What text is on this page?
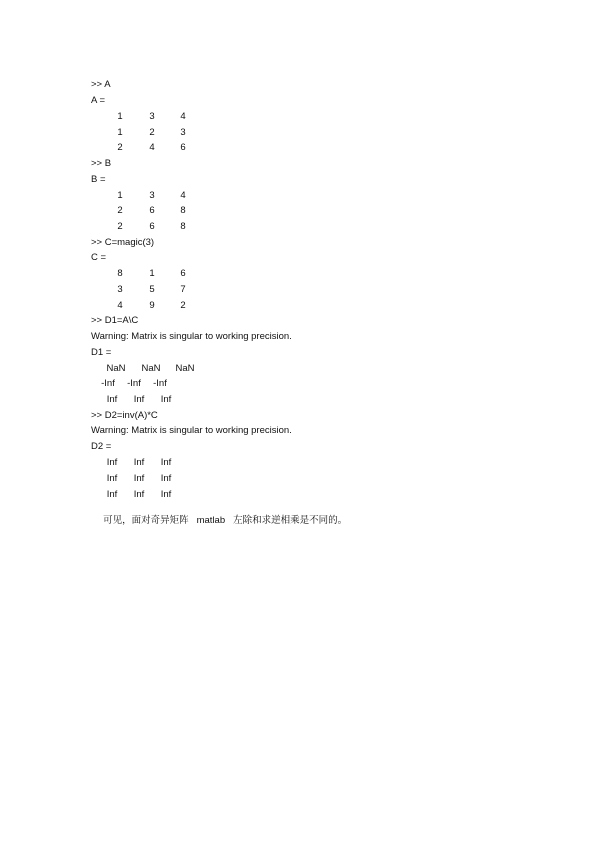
>> A
A =
1	3	4
1	2	3
2	4	6
>> B
B =
1	3	4
2	6	8
2	6	8
>> C=magic(3)
C =
8	1	6
3	5	7
4	9	2
>> D1=A\C
Warning: Matrix is singular to working precision.
D1 =
NaN	NaN	NaN
-Inf	-Inf	-Inf
Inf	Inf	Inf
>> D2=inv(A)*C
Warning: Matrix is singular to working precision.
D2 =
Inf	Inf	Inf
Inf	Inf	Inf
Inf	Inf	Inf

可见，面对奇异矩阵 matlab 左除和求逆相乘是不同的。
